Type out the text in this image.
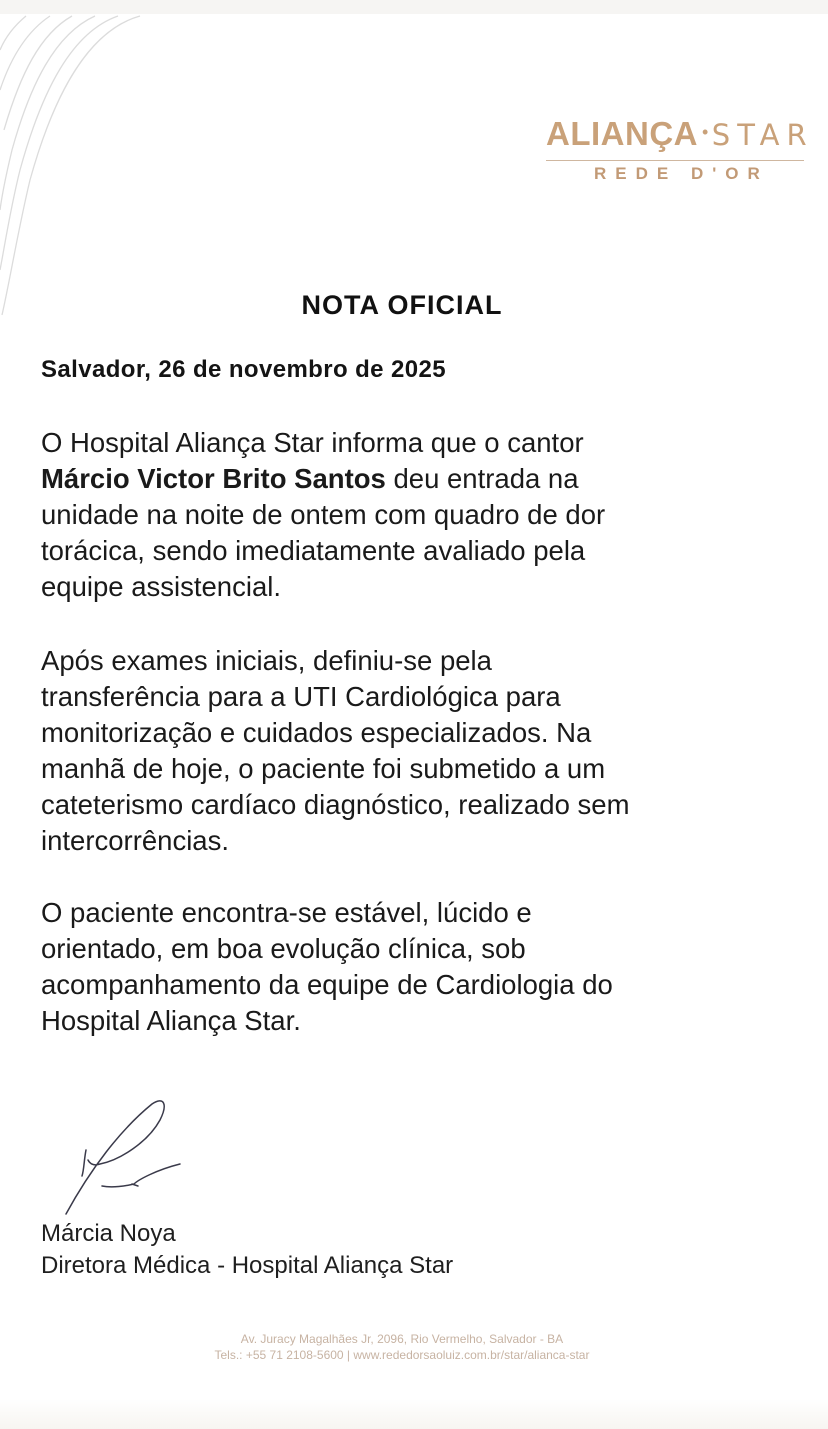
ALIANÇA • STAR
REDE D'OR
NOTA OFICIAL
Salvador, 26 de novembro de 2025
O Hospital Aliança Star informa que o cantor
Márcio Victor Brito Santos deu entrada na
unidade na noite de ontem com quadro de dor
torácica, sendo imediatamente avaliado pela
equipe assistencial.
Após exames iniciais, definiu-se pela
transferência para a UTI Cardiológica para
monitorização e cuidados especializados. Na
manhã de hoje, o paciente foi submetido a um
cateterismo cardíaco diagnóstico, realizado sem
intercorrências.
O paciente encontra-se estável, lúcido e
orientado, em boa evolução clínica, sob
acompanhamento da equipe de Cardiologia do
Hospital Aliança Star.
Márcia Noya
Diretora Médica - Hospital Aliança Star
Av. Juracy Magalhães Jr, 2096, Rio Vermelho, Salvador - BA
Tels.: +55 71 2108-5600 | www.rededorsaoluiz.com.br/star/alianca-star
